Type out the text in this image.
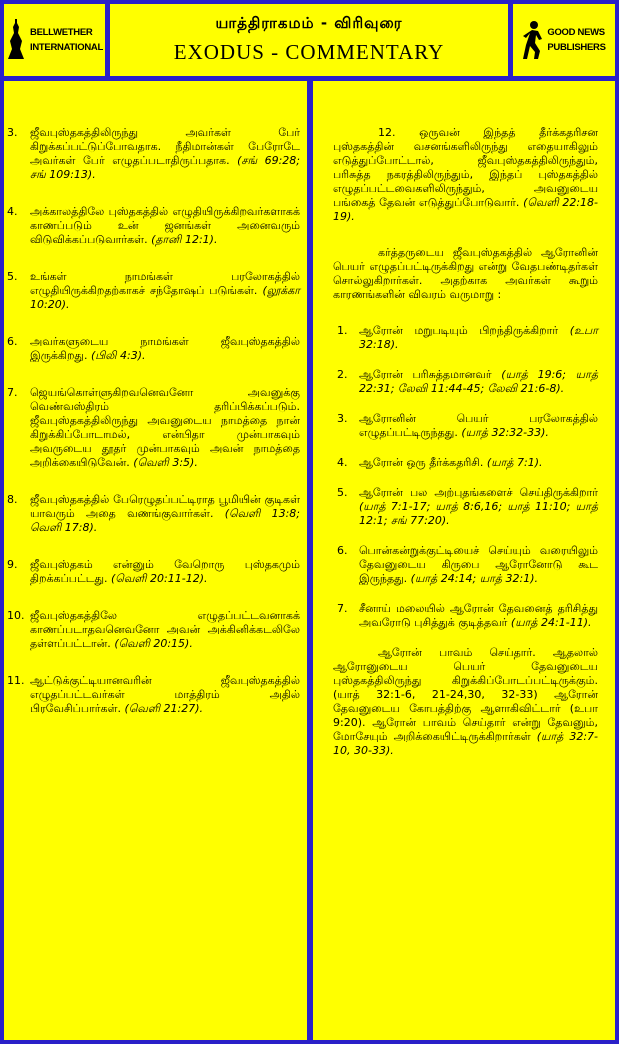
BELLWETHER
INTERNATIONAL
யாத்திராகமம் - விரிவுரை
EXODUS - COMMENTARY
GOOD NEWS
PUBLISHERS
3. ஜீவபுஸ்தகத்திலிருந்து அவர்கள் பேர் கிறுக்கப்பட்டுப்போவதாக. நீதிமான்கள் பேரோடே அவர்கள் பேர் எழுதப்படாதிருப்பதாக. (சங் 69:28; சங் 109:13).
4. அக்காலத்திலே புஸ்தகத்தில் எழுதியிருக்கிறவர்களாகக் காணப்படும் உன் ஜனங்கள் அனைவரும் விடுவிக்கப்படுவார்கள். (தானி 12:1).
5. உங்கள் நாமங்கள் பரலோகத்தில் எழுதியிருக்கிறதற்காகச் சந்தோஷப் படுங்கள். (லூக்கா 10:20).
6. அவர்களுடைய நாமங்கள் ஜீவபுஸ்தகத்தில் இருக்கிறது. (பிலி 4:3).
7. ஜெயங்கொள்ளுகிறவனெவனோ அவனுக்கு வெண்வஸ்திரம் தரிப்பிக்கப்படும். ஜீவபுஸ்தகத்திலிருந்து அவனுடைய நாமத்தை நான் கிறுக்கிப்போடாமல், என்பிதா முன்பாகவும் அவருடைய தூதர் முன்பாகவும் அவன் நாமத்தை அறிக்கையிடுவேன். (வெளி 3:5).
8. ஜீவபுஸ்தகத்தில் பேரெழுதப்பட்டிராத பூமியின் குடிகள் யாவரும் அதை வணங்குவார்கள். (வெளி 13:8; வெளி 17:8).
9. ஜீவபுஸ்தகம் என்னும் வேறொரு புஸ்தகமும் திறக்கப்பட்டது. (வெளி 20:11-12).
10. ஜீவபுஸ்தகத்திலே எழுதப்பட்டவனாகக் காணப்படாதவனெவனோ அவன் அக்கினிக்கடலிலே தள்ளப்பட்டான். (வெளி 20:15).
11. ஆட்டுக்குட்டியானவரின் ஜீவபுஸ்தகத்தில் எழுதப்பட்டவர்கள் மாத்திரம் அதில் பிரவேசிப்பார்கள். (வெளி 21:27).
12. ஒருவன் இந்தத் தீர்க்கதரிசன புஸ்தகத்தின் வசனங்களிலிருந்து எதையாகிலும் எடுத்துப்போட்டால், ஜீவபுஸ்தகத்திலிருந்தும், பரிசுத்த நகரத்திலிருந்தும், இந்தப் புஸ்தகத்தில் எழுதப்பட்டவைகளிலிருந்தும், அவனுடைய பங்கைத் தேவன் எடுத்துப்போடுவார். (வெளி 22:18-19).
கர்த்தருடைய ஜீவபுஸ்தகத்தில் ஆரோனின் பெயர் எழுதப்பட்டிருக்கிறது என்று வேதபண்டிதர்கள் சொல்லுகிறார்கள். அதற்காக அவர்கள் கூறும் காரணங்களின் விவரம் வருமாறு :
1. ஆரோன் மறுபடியும் பிறந்திருக்கிறார் (உபா 32:18).
2. ஆரோன் பரிசுத்தமானவர் (யாத் 19:6; யாத் 22:31; லேவி 11:44-45; லேவி 21:6-8).
3. ஆரோனின் பெயர் பரலோகத்தில் எழுதப்பட்டிருந்தது. (யாத் 32:32-33).
4. ஆரோன் ஒரு தீர்க்கதரிசி. (யாத் 7:1).
5. ஆரோன் பல அற்புதங்களைச் செய்திருக்கிறார் (யாத் 7:1-17; யாத் 8:6,16; யாத் 11:10; யாத் 12:1; சங் 77:20).
6. பொன்கன்றுக்குட்டியைச் செய்யும் வரையிலும் தேவனுடைய கிருபை ஆரோனோடு கூட இருந்தது. (யாத் 24:14; யாத் 32:1).
7. சீனாய் மலையில் ஆரோன் தேவனைத் தரிசித்து அவரோடு புசித்துக் குடித்தவர் (யாத் 24:1-11).
ஆரோன் பாவம் செய்தார். ஆதலால் ஆரோனுடைய பெயர் தேவனுடைய புஸ்தகத்திலிருந்து கிறுக்கிப்போடப்பட்டிருக்கும். (யாத் 32:1-6, 21-24,30, 32-33) ஆரோன் தேவனுடைய கோபத்திற்கு ஆளாகிவிட்டார் (உபா 9:20). ஆரோன் பாவம் செய்தார் என்று தேவனும், மோசேயும் அறிக்கையிட்டிருக்கிறார்கள் (யாத் 32:7-10, 30-33).
